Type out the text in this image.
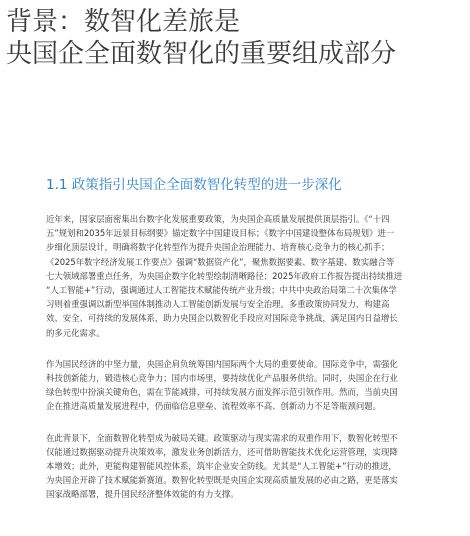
背景：数智化差旅是
央国企全面数智化的重要组成部分
1.1 政策指引央国企全面数智化转型的进一步深化
近年来，国家层面密集出台数字化发展重要政策，为央国企高质量发展提供顶层指引。《“十四
五”规划和2035年远景目标纲要》锚定数字中国建设目标；《数字中国建设整体布局规划》进一
步细化顶层设计，明确将数字化转型作为提升央国企治理能力、培育核心竞争力的核心抓手；
《2025年数字经济发展工作要点》强调“数据资产化”，聚焦数据要素、数字基建、数实融合等
七大领域部署重点任务，为央国企数字化转型绘制清晰路径；2025年政府工作报告提出持续推进
“人工智能+”行动，强调通过人工智能技术赋能传统产业升级；中共中央政治局第二十次集体学
习则着重强调以新型举国体制推动人工智能创新发展与安全治理。多重政策协同发力，构建高
效、安全、可持续的发展体系，助力央国企以数智化手段应对国际竞争挑战，满足国内日益增长
的多元化需求。
作为国民经济的中坚力量，央国企肩负统筹国内国际两个大局的重要使命。国际竞争中，需强化
科技创新能力，锻造核心竞争力；国内市场里，要持续优化产品服务供给。同时，央国企在行业
绿色转型中扮演关键角色，需在节能减排、可持续发展方面发挥示范引领作用。然而，当前央国
企在推进高质量发展进程中，仍面临信息壁垒、流程效率不高、创新动力不足等瓶颈问题。
在此背景下，全面数智化转型成为破局关键。政策驱动与现实需求的双重作用下，数智化转型不
仅能通过数据驱动提升决策效率，激发业务创新活力，还可借助智能技术优化运营管理，实现降
本增效；此外，更能构建智能风控体系，筑牢企业安全防线。尤其是“人工智能+”行动的推进，
为央国企开辟了技术赋能新赛道。数智化转型既是央国企实现高质量发展的必由之路，更是落实
国家战略部署，提升国民经济整体效能的有力支撑。
